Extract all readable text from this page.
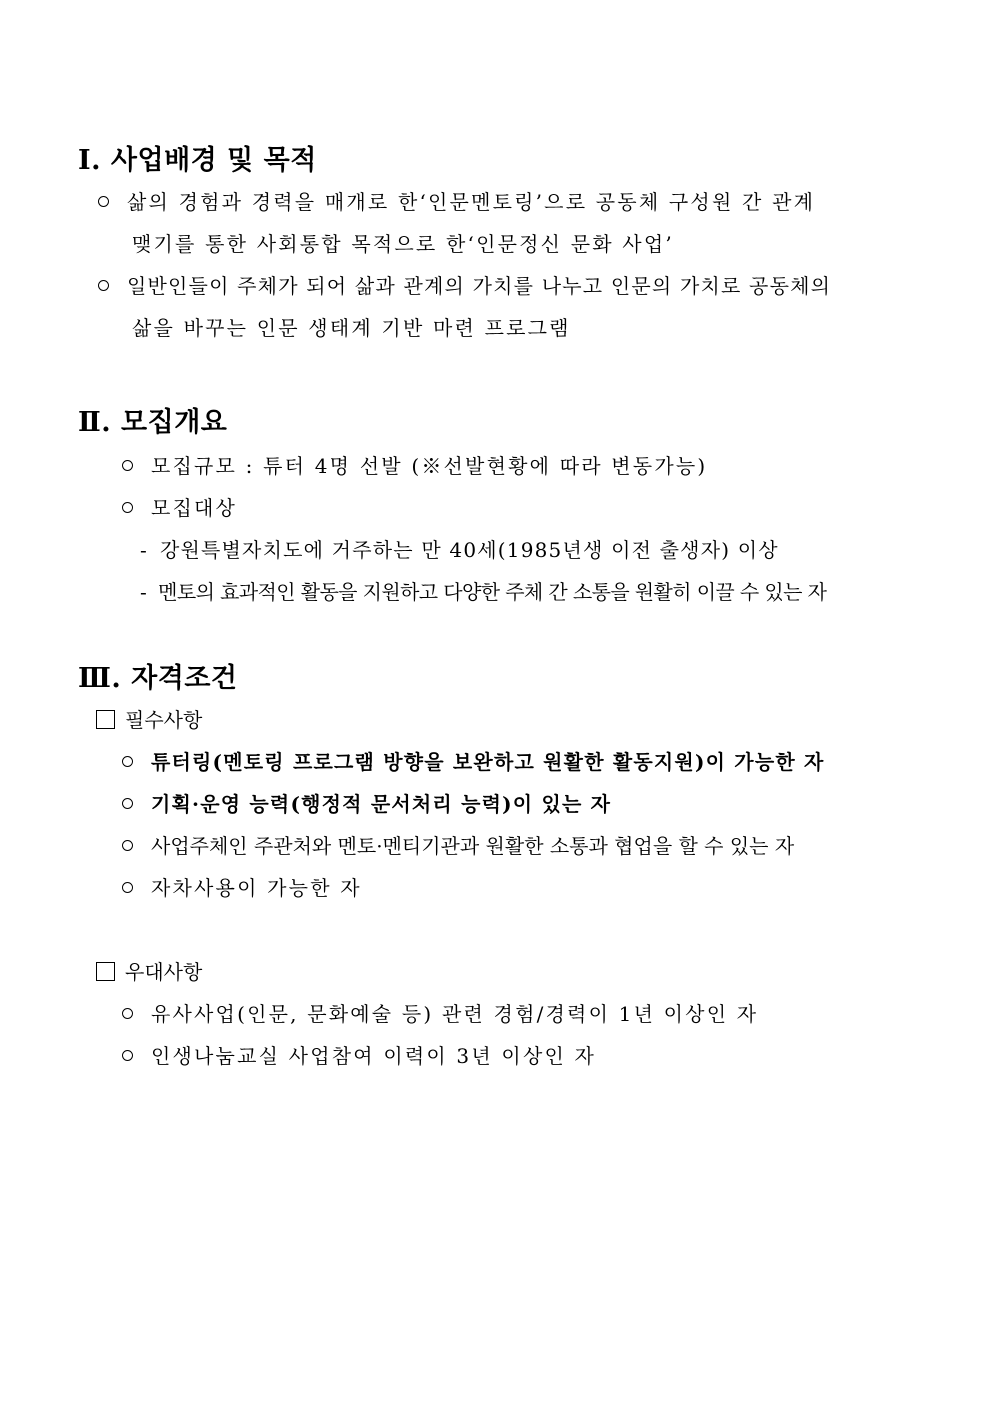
Ⅰ. 사업배경 및 목적
삶의 경험과 경력을 매개로 한‘인문멘토링’으로 공동체 구성원 간 관계
맺기를 통한 사회통합 목적으로 한‘인문정신 문화 사업’
일반인들이 주체가 되어 삶과 관계의 가치를 나누고 인문의 가치로 공동체의
삶을 바꾸는 인문 생태계 기반 마련 프로그램
Ⅱ. 모집개요
모집규모 : 튜터 4명 선발 (※선발현황에 따라 변동가능)
모집대상
- 강원특별자치도에 거주하는 만 40세(1985년생 이전 출생자) 이상
- 멘토의 효과적인 활동을 지원하고 다양한 주체 간 소통을 원활히 이끌 수 있는 자
Ⅲ. 자격조건
필수사항
튜터링(멘토링 프로그램 방향을 보완하고 원활한 활동지원)이 가능한 자
기획·운영 능력(행정적 문서처리 능력)이 있는 자
사업주체인 주관처와 멘토·멘티기관과 원활한 소통과 협업을 할 수 있는 자
자차사용이 가능한 자
우대사항
유사사업(인문, 문화예술 등) 관련 경험/경력이 1년 이상인 자
인생나눔교실 사업참여 이력이 3년 이상인 자
